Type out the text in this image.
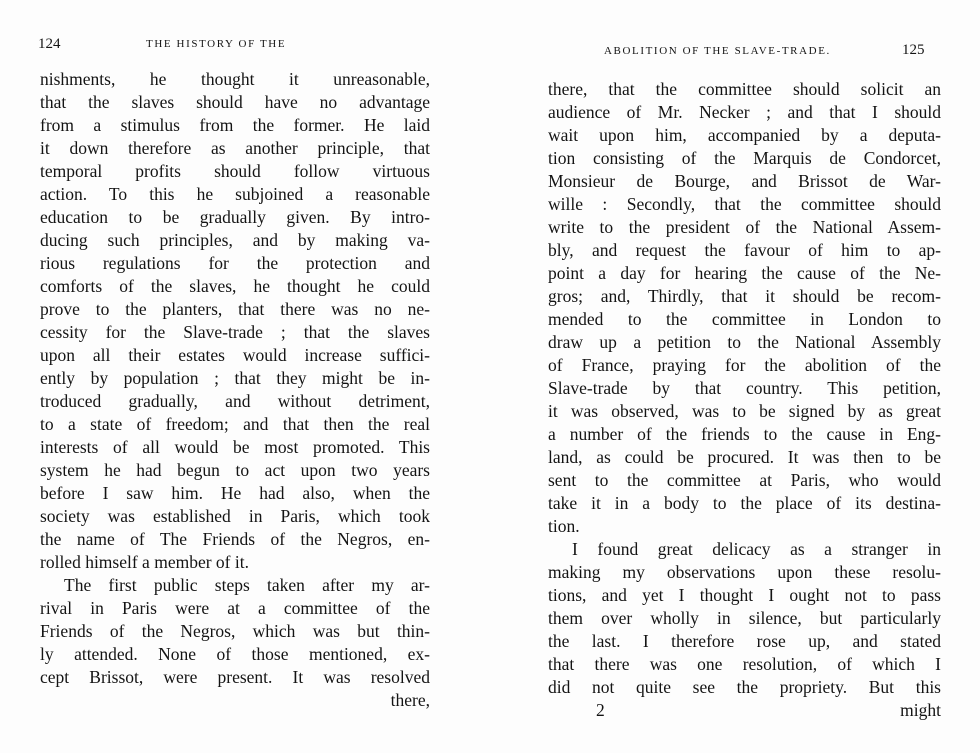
124	THE HISTORY OF THE
nishments, he thought it unreasonable,
that the slaves should have no advantage
from a stimulus from the former. He laid
it down therefore as another principle, that
temporal profits should follow virtuous
action. To this he subjoined a reasonable
education to be gradually given. By intro-
ducing such principles, and by making va-
rious regulations for the protection and
comforts of the slaves, he thought he could
prove to the planters, that there was no ne-
cessity for the Slave-trade ; that the slaves
upon all their estates would increase suffici-
ently by population ; that they might be in-
troduced gradually, and without detriment,
to a state of freedom; and that then the real
interests of all would be most promoted. This
system he had begun to act upon two years
before I saw him. He had also, when the
society was established in Paris, which took
the name of The Friends of the Negros, en-
rolled himself a member of it.
The first public steps taken after my ar-
rival in Paris were at a committee of the
Friends of the Negros, which was but thin-
ly attended. None of those mentioned, ex-
cept Brissot, were present. It was resolved
there,
ABOLITION OF THE SLAVE-TRADE.	125
there, that the committee should solicit an
audience of Mr. Necker ; and that I should
wait upon him, accompanied by a deputa-
tion consisting of the Marquis de Condorcet,
Monsieur de Bourge, and Brissot de War-
wille : Secondly, that the committee should
write to the president of the National Assem-
bly, and request the favour of him to ap-
point a day for hearing the cause of the Ne-
gros; and, Thirdly, that it should be recom-
mended to the committee in London to
draw up a petition to the National Assembly
of France, praying for the abolition of the
Slave-trade by that country. This petition,
it was observed, was to be signed by as great
a number of the friends to the cause in Eng-
land, as could be procured. It was then to be
sent to the committee at Paris, who would
take it in a body to the place of its destina-
tion.
I found great delicacy as a stranger in
making my observations upon these resolu-
tions, and yet I thought I ought not to pass
them over wholly in silence, but particularly
the last. I therefore rose up, and stated
that there was one resolution, of which I
did not quite see the propriety. But this
2	might
